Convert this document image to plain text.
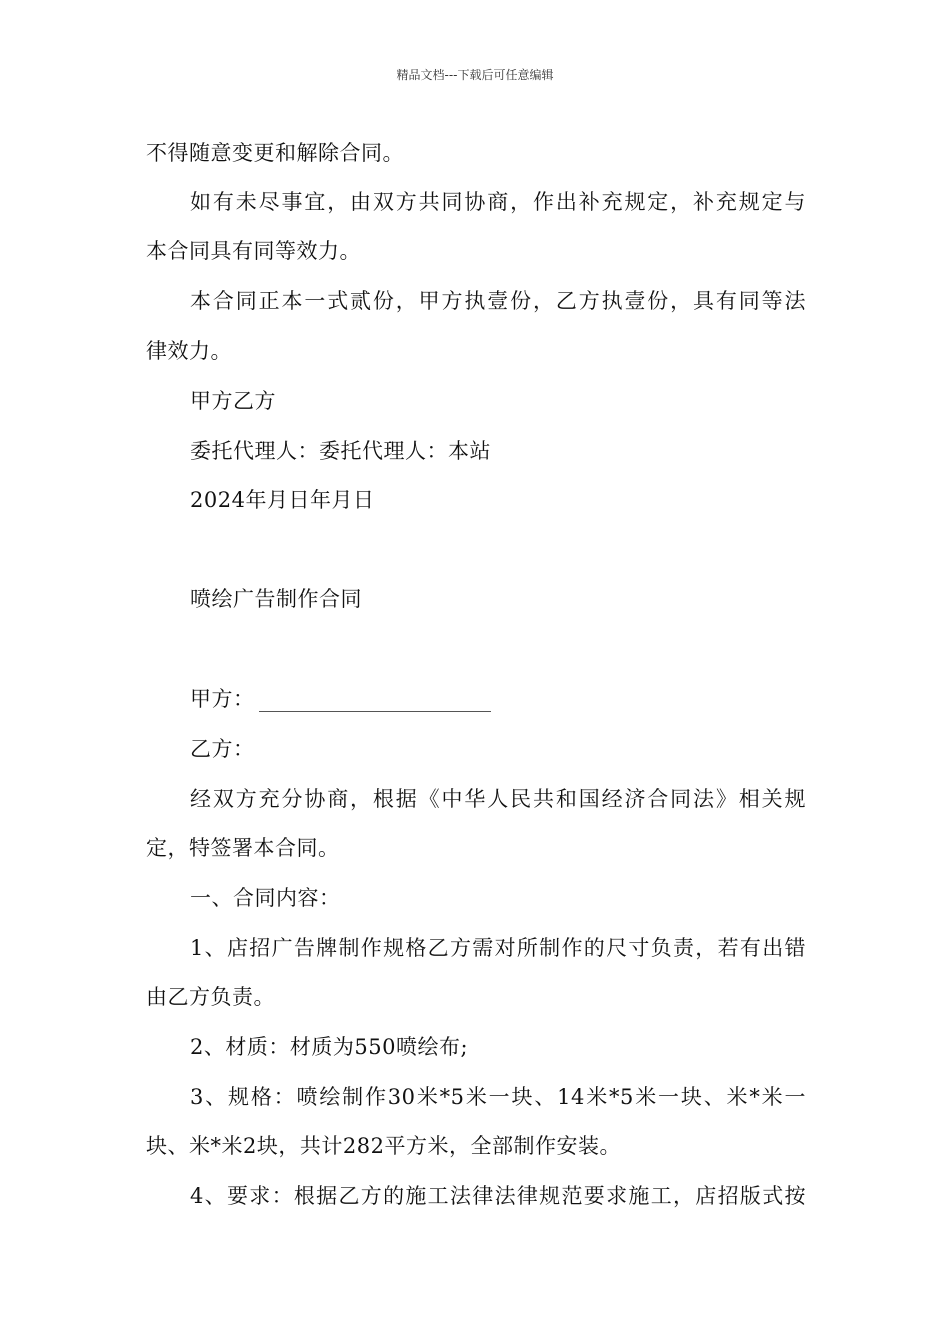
精品文档---下载后可任意编辑
不得随意变更和解除合同。
如有未尽事宜，由双方共同协商，作出补充规定，补充规定与
本合同具有同等效力。
本合同正本一式贰份，甲方执壹份，乙方执壹份，具有同等法
律效力。
甲方乙方
委托代理人：委托代理人：本站
2024年月日年月日
喷绘广告制作合同
甲方：
乙方：
经双方充分协商，根据《中华人民共和国经济合同法》相关规
定，特签署本合同。
一、合同内容：
1、店招广告牌制作规格乙方需对所制作的尺寸负责，若有出错
由乙方负责。
2、材质：材质为550喷绘布;
3、规格：喷绘制作30米*5米一块、14米*5米一块、米*米一
块、米*米2块，共计282平方米，全部制作安装。
4、要求：根据乙方的施工法律法律规范要求施工，店招版式按
